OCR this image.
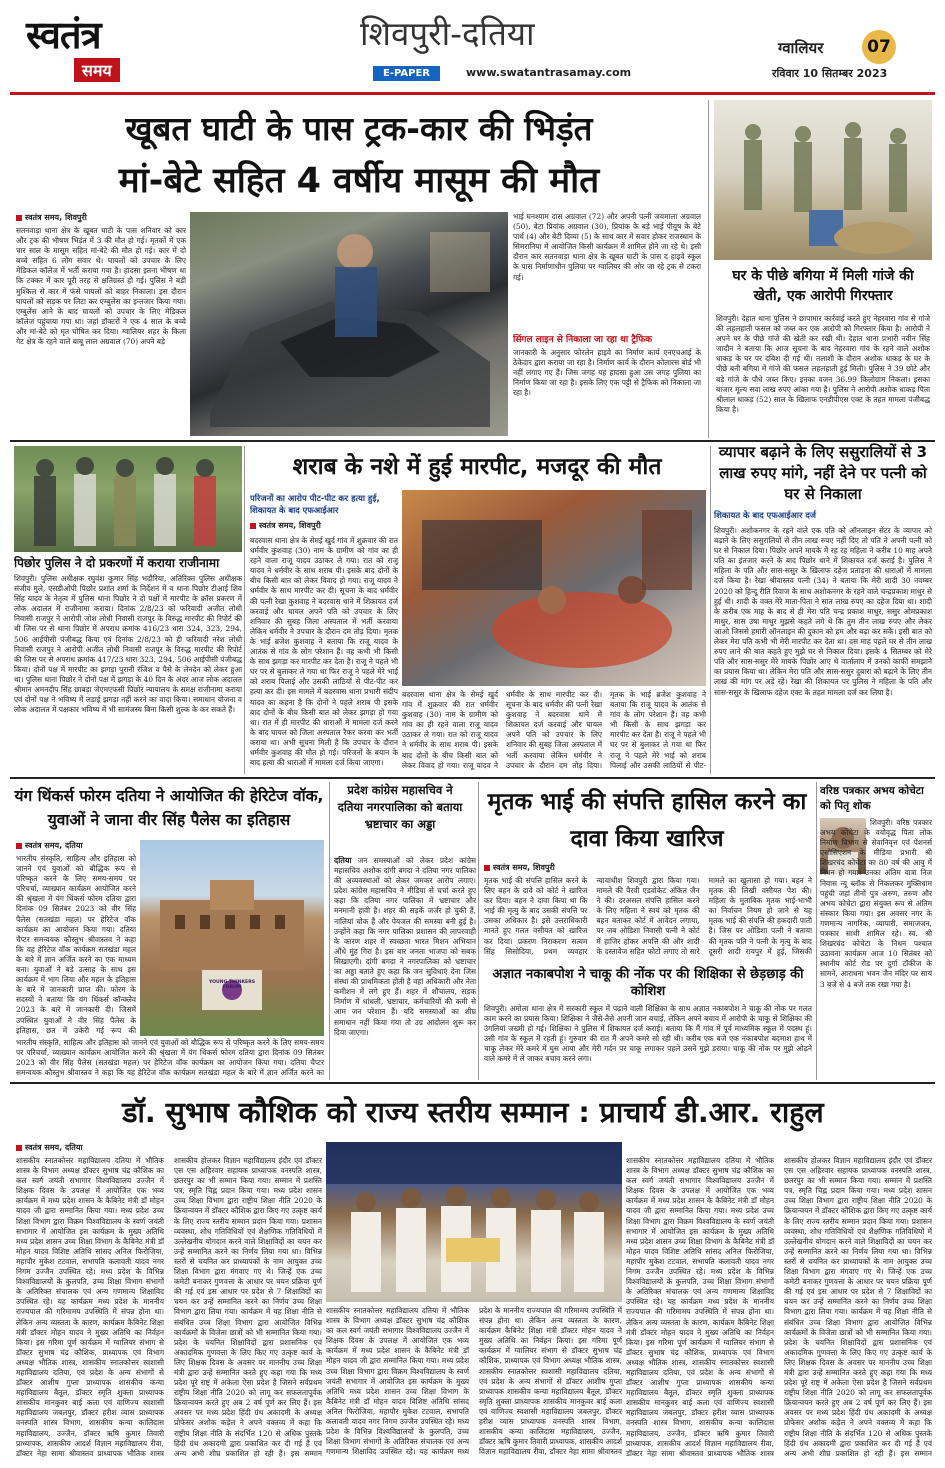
स्वतंत्र
समय
शिवपुरी-दतिया
E-PAPER	www.swatantrasamay.com
ग्वालियर	07
रविवार 10 सितम्बर 2023
खूबत घाटी के पास ट्रक-कार की भिड़ंत
मां-बेटे सहित 4 वर्षीय मासूम की मौत
स्वतंत्र समय, शिवपुरी
सतनवाड़ा थाना क्षेत्र के खूबत घाटी के पास शनिवार को कार और ट्रक की भीषण भिड़ंत में 3 की मौत हो गई। मृतकों में एक चार साल के मासूम सहित मां-बेटे की मौत हो गई। कार में दो बच्चे सहित 6 लोग सवार थे। घायलों को उपचार के लिए मेडिकल कॉलेज में भर्ती कराया गया है। हादसा इतना भीषण था कि टक्कर में कार पूरी तरह से क्षतिग्रस्त हो गई। पुलिस ने बड़ी मुश्किल से कार में फंसे घायलों को बाहर निकाला। इस दौरान घायलों को सड़क पर लिटा कर एम्बुलेंस का इन्तजार किया गया। एम्बुलेंस आने के बाद घायलों को उपचार के लिए मेडिकल कॉलेज पहुंचाया गया था। जहां डॉक्टरों ने एक 4 साल के बच्चे और मां-बेटे को मृत घोषित कर दिया। ग्वालियर शहर के किला गेट क्षेत्र के रहने वाले बाबू लाल अग्रवाल (70) अपने बड़े
भाई घनश्याम दास अग्रवाल (72) और अपनी पत्नी जयमाला अग्रवाल (50), बेटा प्रियांक अग्रवाल (30), प्रियांक के बड़े भाई पीयूष के बेटे पार्थ (4) और बेटी दिव्या (5) के साथ कार में सवार होकर राजस्थान के सिमरानिया में आयोजित किसी कार्यक्रम में शामिल होने जा रहे थे। इसी दौरान कार सतनवाड़ा थाना क्षेत्र के खूबत घाटी के पास द हाइवे स्कूल के पास निर्माणाधीन पुलिया पर ग्वालियर की ओर जा रहे ट्रक से टकरा गई।
सिंगल लाइन से निकाला जा रहा था ट्रैफिक
जानकारी के अनुसार फोरलेन हाइवे का निर्माण कार्य एनएचआई के ठेकेदार द्वारा कराया जा रहा है। निर्माण कार्य के दौरान कोलारस बोर्ड भी नहीं लगाए गए हैं। जिस जगह यह हादसा हुआ उस जगह पुलिया का निर्माण किया जा रहा है। इसके लिए एक पट्टी से ट्रैफिक को निकाला जा रहा है।
घर के पीछे बगिया में मिली गांजे की खेती, एक आरोपी गिरफ्तार
शिवपुरी। देहात थाना पुलिस ने छापामार कार्रवाई करते हुए नेहरवारा गांव से गांजे की लहलहाती फसल को जब्त कर एक आरोपी को गिरफ्तार किया है। आरोपी ने अपने घर के पीछे गांजे की खेती कर रखी थी। देहात थाना प्रभारी नवीन सिंह जादौन ने बताया कि आज सूचना के बाद नेहरवारा गांव के रहने वाले अशोक धाकड़ के घर पर दबिश दी गई थी। तलाशी के दौरान अशोक धाकड़ के घर के पीछे बनी बगिया में गांजे की फसल लहलहाती हुई मिली। पुलिस ने 39 छोटे और बड़े गांजे के पौधे जब्त किए। इनका वजन 36.99 किलोग्राम निकला। इसका बाजार मूल्य सवा लाख रुपए आंका गया है। पुलिस ने आरोपी अशोक धाकड़ पिता श्रीलाल धाकड़ (52) साल के खिलाफ एनडीपीएस एक्ट के तहत मामला पंजीबद्ध किया है।
पिछोर पुलिस ने दो प्रकरणों में कराया राजीनामा
शिवपुरी। पुलिस अधीक्षक रघुवंश कुमार सिंह भदौरिया, अतिरिक्त पुलिस अधीक्षक संजीव मुले, एसडीओपी पिछोर प्रशांत शर्मा के निर्देशन में व थाना पिछोर टीआई शिव सिंह यादव के नेतृत्व में पुलिस थाना पिछोर ने दो पक्षों में मारपीट के क्रॉस प्रकरण में लोक अदालत में राजीनामा कराया। दिनांक 2/8/23 को फरियादी अजीत लोधी निवासी राजपुर ने आरोपी जोश लोधी निवासी राजपुर के विरुद्ध मारपीट की रिपोर्ट की थी जिस पर से थाना पिछोर में अपराध क्रमांक 416/23 धारा 324, 323, 294, 506 आईपीसी पंजीबद्ध किया एवं दिनांक 2/8/23 को ही फरियादी नरेश लोधी निवासी राजपुर ने आरोपी अजीत लोधी निवासी राजपुर के विरुद्ध मारपीट की रिपोर्ट की जिस पर से अपराध क्रमांक 417/23 धारा 323, 294, 506 आईपीसी पंजीबद्ध किया। दोनों पक्ष में मारपीट का झगड़ा पुरानी रंजिश व पैसे के लेनदेन को लेकर हुआ था। पुलिस थाना पिछोर ने दोनों पक्ष में झगड़ा के 40 दिन के अंदर आज लोक अदालत श्रीमान अमनदीप सिंह छाबड़ा जेएमएफसी पिछोर न्यायालय के समक्ष राजीनामा कराया एवं दोनों पक्ष ने भविष्य में लड़ाई झगड़ा नहीं करने का वादा किया। समाधान योजना व लोक अदालत में पक्षकार भविष्य में भी सामंजस्य बिना किसी शुल्क के कर सकते हैं।
शराब के नशे में हुई मारपीट, मजदूर की मौत
परिजनों का आरोप पीट-पीट कर हत्या हुई, शिकायत के बाद एफआईआर
स्वतंत्र समय, शिवपुरी
बदरवास थाना क्षेत्र के सेमई खुर्द गांव में शुक्रवार की रात धर्मवीर कुशवाह (30) नाम के ग्रामीण को गांव का ही रहने वाला राजू यादव उठाकर ले गया। रात को राजू यादव ने धर्मवीर के साथ शराब पी। इसके बाद दोनों के बीच किसी बात को लेकर विवाद हो गया। राजू यादव ने धर्मवीर के साथ मारपीट कर दी। सूचना के बाद धर्मवीर की पत्नी रेखा कुशवाह ने बदरवास थाने में शिकायत दर्ज करवाई और घायल अपने पति को उपचार के लिए शनिवार की सुबह जिला अस्पताल में भर्ती करवाया लेकिन धर्मवीर ने उपचार के दौरान दम तोड़ दिया। मृतक के भाई ब्रजेश कुशवाह ने बताया कि राजू यादव के आतंक से गांव के लोग परेशान हैं। वह कभी भी किसी के साथ झगड़ा कर मारपीट कर देता है। राजू ने पहले भी घर पर से बुलाकर ले गया था फिर राजू ने पहले मेरे भाई को शराब पिलाई और उसकी लाठियों से पीट-पीट कर हत्या कर दी। इस मामले में बदरवास थाना प्रभारी संदीप यादव का कहना है कि दोनों ने पहले शराब पी इसके बाद दोनों के बीच किसी बात को लेकर झगड़ा हो गया था। रात में ही मारपीट की धाराओं में मामला दर्ज करने के बाद घायल को जिला अस्पताल रैफर करवा कर भर्ती कराया था। अभी सूचना मिली है कि उपचार के दौरान धर्मवीर कुशवाह की मौत हो गई। परिजनों के बयान के बाद हत्या की धाराओं में मामला दर्ज किया जाएगा।
बदरवास थाना क्षेत्र के सेमई खुर्द गांव में शुक्रवार की रात धर्मवीर कुशवाह (30) नाम के ग्रामीण को गांव का ही रहने वाला राजू यादव उठाकर ले गया। रात को राजू यादव ने धर्मवीर के साथ शराब पी। इसके बाद दोनों के बीच किसी बात को लेकर विवाद हो गया। राजू यादव ने धर्मवीर के साथ मारपीट कर दी। सूचना के बाद धर्मवीर की पत्नी रेखा कुशवाह ने बदरवास थाने में शिकायत दर्ज करवाई और घायल अपने पति को उपचार के लिए शनिवार की सुबह जिला अस्पताल में भर्ती करवाया लेकिन धर्मवीर ने उपचार के दौरान दम तोड़ दिया। मृतक के भाई ब्रजेश कुशवाह ने बताया कि राजू यादव के आतंक से गांव के लोग परेशान हैं। वह कभी भी किसी के साथ झगड़ा कर मारपीट कर देता है। राजू ने पहले भी घर पर से बुलाकर ले गया था फिर राजू ने पहले मेरे भाई को शराब पिलाई और उसकी लाठियों से पीट-
व्यापार बढ़ाने के लिए ससुरालियों से 3 लाख रुपए मांगे, नहीं देने पर पत्नी को घर से निकाला
शिकायत के बाद एफआईआर दर्ज
शिवपुरी। अशोकनगर के रहने वाले एक पति को ऑनलाइन सेंटर के व्यापार को बढ़ाने के लिए ससुरालियों से तीन लाख रुपए नहीं दिए तो पति ने अपनी पत्नी को घर से निकाल दिया। पिछोर अपने मायके में रह रह महिला ने करीब 10 माह अपने पति का इंतजार करने के बाद पिछोर थाने में शिकायत दर्ज कराई है। पुलिस ने महिला के पति और सास-ससुर के खिलाफ दहेज प्रताड़ना की धाराओं में मामला दर्ज किया है। रेखा श्रीवास्तव पत्नी (34) ने बताया कि मेरी शादी 30 नवम्बर 2020 को हिन्दू रीति रिवाज के साथ अशोकनगर के रहने वाले चन्द्रप्रकाश माथुर से हुई थी। शादी के वक्त मेरे माता-पिता ने सात लाख रुपए का दहेज दिया था। शादी के करीब एक माह के बाद से ही मेरा पति चन्द्र प्रकाश माथुर, ससुर ओमप्रकाश माथुर, सास उषा माथुर मुझसे कहते लगे थे कि तुम तीन लाख रुपए और लेकर आओ जिससे हमारी ऑनलाइन की दुकान को हम और बढ़ा कर सकें। इसी बात को लेकर मेरा पति कभी भी मेरी मारपीट कर देता था। दस माह पहले घर से तीन लाख रुपए लाने की बात कहते हुए मुझे घर से निकाल दिया। इसके 4 सितम्बर को मेरे पति और सास-ससुर मेरे मायके पिछोर आए थे वार्तालाप में उनको काफी समझाने का प्रयास किया था। लेकिन मेरा पति और सास-ससुर दुबारा को बढ़ाने के लिए तीन लाख की मांग पर अड़े रहे। रेखा की शिकायत पर पुलिस ने महिला के पति और सास-ससुर के खिलाफ दहेज एक्ट के तहत मामला दर्ज कर लिया है।
यंग थिंकर्स फोरम दतिया ने आयोजित की हेरिटेज वॉक, युवाओं ने जाना वीर सिंह पैलेस का इतिहास
स्वतंत्र समय, दतिया
YOUNG THINKERS FORUM
भारतीय संस्कृति, साहित्य और इतिहास को जानने एवं युवाओं को बौद्धिक रूप से परिष्कृत करने के लिए समय-समय पर परिचर्चा, व्याख्यान कार्यक्रम आयोजित करने की श्रृंखला में यंग थिंकर्स फोरम दतिया द्वारा दिनांक 09 सितंबर 2023 को वीर सिंह पैलेस (सतखंडा महल) पर हेरिटेज वॉक कार्यक्रम का आयोजन किया गया। दतिया चैप्टर समन्वयक कौस्तुभ श्रीवास्तव ने कहा कि यह हेरिटेज वॉक कार्यक्रम सतखंडा महल के बारे में ज्ञान अर्जित करने का एक माध्यम बना। युवाओं ने बड़े उत्साह के साथ इस कार्यक्रम में भाग लिया और महल के इतिहास के बारे में जानकारी प्राप्त की। फोरम के सदस्यों ने बताया कि यंग थिंकर्स कॉन्क्लेव 2023 के बारे में जानकारी दी। जिसमें उपस्थित युवाओं ने वीर सिंह पैलेस के इतिहास, छत में उकेरी गई रूप की
भारतीय संस्कृति, साहित्य और इतिहास को जानने एवं युवाओं को बौद्धिक रूप से परिष्कृत करने के लिए समय-समय पर परिचर्चा, व्याख्यान कार्यक्रम आयोजित करने की श्रृंखला में यंग थिंकर्स फोरम दतिया द्वारा दिनांक 09 सितंबर 2023 को वीर सिंह पैलेस (सतखंडा महल) पर हेरिटेज वॉक कार्यक्रम का आयोजन किया गया। दतिया चैप्टर समन्वयक कौस्तुभ श्रीवास्तव ने कहा कि यह हेरिटेज वॉक कार्यक्रम सतखंडा महल के बारे में ज्ञान अर्जित करने का
प्रदेश कांग्रेस महासचिव ने दतिया नगरपालिका को बताया भ्रष्टाचार का अड्डा
दतिया जन समस्याओं को लेकर प्रदेश कांग्रेस महासचिव अशोक दांगी बगदा ने दतिया नगर पालिका की अव्यवस्थाओं को लेकर जमकर आरोप लगाए। प्रदेश कांग्रेस महासचिव ने मीडिया से चर्चा करते हुए कहा कि दतिया नगर पालिका में भ्रष्टाचार और मनमानी हावी है। शहर की सड़कें जर्जर हो चुकी हैं, नालियां चोक हैं और पेयजल की समस्या बनी हुई है। उन्होंने कहा कि नगर पालिका प्रशासन की लापरवाही के कारण शहर में स्वच्छता भारत मिशन अभियान औंधे मुंह गिरा है। इस बार जनता भाजपा को सबक सिखाएगी। दांगी बगदा ने नगरपालिका को भ्रष्टाचार का अड्डा बताते हुए कहा कि जन सुविधाएं देना जिस संस्था की प्राथमिकता होती है वहां अधिकारी और नेता कमीशन में लगे हुए हैं। शहर में शौचालय, सड़क निर्माण में धांधली, भ्रष्टाचार, कर्मचारियों की कमी से आम जन परेशान हैं। यदि समस्याओं का शीघ्र समाधान नहीं किया गया तो उग्र आंदोलन शुरू कर दिया जाएगा।
मृतक भाई की संपत्ति हासिल करने का दावा किया खारिज
स्वतंत्र समय, शिवपुरी
मृतक भाई की संपत्ति हासिल करने के लिए बहन के दावे को कोर्ट ने खारिज कर दिया। बहन ने दावा किया था कि भाई की मृत्यु के बाद उसकी संपत्ति पर उसका अधिकार है। इसे उत्तराधिकारी मानते हुए गलत वसीयत को खारिज कर दिया। प्रकरण निराकरण सत्यम सिंह सिसोदिया, प्रथम व्यवहार न्यायाधीश शिवपुरी द्वारा किया गया। मामले की पैरवी एडवोकेट अंकित जैन ने की। दरअसल संपत्ति हासिल करने के लिए महिला ने स्वयं को मृतक की बहन बताकर कोर्ट में आवेदन लगाया, पर जब ओडिशा निवासी पत्नी ने कोर्ट में हाजिर होकर अपत्ति की और शादी के दस्तावेज सहित फोटो लगाए तो सारे मामले का खुलासा हो गया। बहन ने मृतक की लिखी वसीयत पेश की। महिला के मुताबिक मृतक भाई-भाभी का निर्वाचन नियम हो जाने से यह मृतक भाई की संपत्ति की हकदारी पाती है। जिस पर ओडिशा पत्नी ने बताया की मृतक पति ने पत्नी के मृत्यु के बाद दूसरी शादी रायपुर में हुई, जिसकी
अज्ञात नकाबपोश ने चाकू की नोंक पर की शिक्षिका से छेड़छाड़ की कोशिश
शिवपुरी। अमोला थाना क्षेत्र में सरकारी स्कूल में पढ़ाने वाली शिक्षिका के साथ अज्ञात नकाबपोश ने चाकू की नोंक पर गलत काम करने का प्रयास किया। शिक्षिका ने जैसे-तैसे अपनी जान बचाई, लेकिन अपने बचाव में आरोपी के चाकू से शिक्षिका की उंगलियां जख्मी हो गई। शिक्षिका ने पुलिस में शिकायत दर्ज कराई। बताया कि मैं गांव में पूर्व माध्यमिक स्कूल में पदस्थ हूं। उसी गांव के स्कूल में रहती हूं। गुरुवार की रात मैं अपने कमरे सो रही थी। करीब एक बजे एक नकाबपोश बदमाश हाथ में चाकू लेकर मेरे कमरे में घुस आया और मेरी गर्दन पर चाकू लगाकर पहले उसने मुझे डराया। चाकू की नोंक पर मुझे ओढ़ने वाले कमरे में ले जाकर बचाव करने लगा।
वरिष्ठ पत्रकार अभय कोचेटा को पितृ शोक
शिवपुरी। वरिष्ठ पत्रकार अभय कोचेटा के वयोवृद्ध पिता लोक निर्माण विभाग से सेवानिवृत्त एवं पेंशनर्स एसोसिएशन के मीडिया प्रभारी श्री शिखरचंद कोचेटा का 80 वर्ष की आयु में निधन हो गया। उनका अंतिम यात्रा निज निवास न्यू ब्लॉक से निकलकर मुक्तिधाम पहुंची जहां तीनों पुत्र अरुण, तरुण और अभय कोचेटा द्वारा संयुक्त रूप से अंतिम संस्कार किया गया। इस अवसर नगर के गणमान्य नागरिक, व्यापारी, समाजजन, पत्रकार साथी शामिल रहे। स्व. श्री शिखरचंद कोचेटा के निधन पश्चात उठावना कार्यक्रम आज 10 सितंबर को स्थानीय कोर्ट रोड पर दुर्गा टॉकीज के सामने, आराधना भवन जैन मंदिर पर सायं 3 बजे से 4 बजे तक रखा गया है।
डॉ. सुभाष कौशिक को राज्य स्तरीय सम्मान : प्राचार्य डी.आर. राहुल
स्वतंत्र समय, दतिया
शासकीय स्नातकोत्तर महाविद्यालय दतिया में भौतिक शास्त्र के विभाग अध्यक्ष डॉक्टर सुभाष चंद्र कौशिक का कल स्वर्ग जयंती सभागार विश्वविद्यालय उज्जैन में शिक्षक दिवस के उपलक्ष में आयोजित एक भव्य कार्यक्रम में मध्य प्रदेश शासन के कैबिनेट मंत्री डॉ मोहन यादव जी द्वारा सम्मानित किया गया। मध्य प्रदेश उच्च शिक्षा विभाग द्वारा विक्रम विश्वविद्यालय के स्वर्ण जयंती सभागार में आयोजित इस कार्यक्रम के मुख्य अतिथि मध्य प्रदेश शासन उच्च शिक्षा विभाग के कैबिनेट मंत्री डॉ मोहन यादव विशिष्ट अतिथि सांसद अनिल फिरोजिया, महापौर मुकेश टटवाल, सभापति कलावती यादव नगर निगम उज्जैन उपस्थित रहे। मध्य प्रदेश के विभिन्न विश्वविद्यालयों के कुलपति, उच्च शिक्षा विभाग संभागों के अतिरिक्त संचालक एवं अन्य गणमान्य शिक्षाविद उपस्थित रहे। यह कार्यक्रम मध्य प्रदेश के माननीय राज्यपाल की गरिमामय उपस्थिति में संपन्न होना था। लेकिन अन्य व्यस्तता के कारण, कार्यक्रम कैबिनेट शिक्षा मंत्री डॉक्टर मोहन यादव ने मुख्य अतिथि का निर्वहन किया। इस गरिमा पूर्ण कार्यक्रम में ग्वालियर संभाग से डॉक्टर सुभाष चंद्र कौशिक, प्राध्यापक एवं विभाग अध्यक्ष भौतिक शास्त्र, शासकीय स्नातकोत्तर स्वशासी महाविद्यालय दतिया, एवं प्रदेश के अन्य संभागों से डॉक्टर आशीष गुप्ता प्राध्यापक शासकीय कन्या महाविद्यालय बैतूल, डॉक्टर स्मृति शुक्ला प्राध्यापक शासकीय मानकुवर बाई कला एवं वाणिज्य स्वशासी महाविद्यालय जबलपुर, डॉक्टर हरीश व्यास प्राध्यापक वनस्पति शास्त्र विभाग, शासकीय कन्या कालिदास महाविद्यालय, उज्जैन, डॉक्टर ऋषि कुमार तिवारी प्राध्यापक, शासकीय आदर्श विज्ञान महाविद्यालय रीवा, डॉक्टर नेहा सामा श्रीवास्तव प्राध्यापक भौतिक शास्त्र शासकीय होलकर विज्ञान महाविद्यालय इंदौर एवं डॉक्टर एस एस अहिरवार सहायक प्राध्यापक वनस्पति शास्त्र, छतरपुर का भी सम्मान किया गया। सम्मान में प्रशस्ति पत्र, स्मृति चिह्न प्रदान किया गया। मध्य प्रदेश शासन उच्च शिक्षा विभाग द्वारा राष्ट्रीय शिक्षा नीति 2020 के क्रियान्वयन में डॉक्टर कौशिक द्वारा किए गए उत्कृष्ट कार्य के लिए राज्य स्तरीय सम्मान प्रदान किया गया। प्रशासन व्यवस्था, शोध गतिविधियों एवं शैक्षणिक गतिविधियों में उल्लेखनीय योगदान करने वाले शिक्षाविदों का चयन कर उन्हें सम्मानित करने का निर्णय लिया गया था। विभिन्न स्तरों से चयनित कर प्राध्यापकों के नाम आयुक्त उच्च शिक्षा विभाग द्वारा मंगवाए गए थे। जिन्हें एक उच्च कमेटी बनाकर गुणवत्ता के आधार पर चयन प्रक्रिया पूर्ण की गई एवं इस आधार पर प्रदेश से 7 शिक्षाविदों का चयन कर उन्हें सम्मानित करने का निर्णय उच्च शिक्षा विभाग द्वारा लिया गया। कार्यक्रम में यह शिक्षा नीति से संबंधित उच्च शिक्षा विभाग द्वारा आयोजित विभिन्न कार्यक्रमों के विजेता छात्रों को भी सम्मानित किया गया। प्रदेश के चयनित शिक्षाविदों द्वारा प्रशासनिक एवं अकादमिक गुणवत्ता के लिए किए गए उत्कृष्ट कार्य के लिए शिक्षक दिवस के अवसर पर माननीय उच्च शिक्षा मंत्री द्वारा उन्हें सम्मानित करते हुए कहा गया कि मध्य प्रदेश पूरे राष्ट्र में अकेला ऐसा प्रदेश है जिसने सर्वप्रथम राष्ट्रीय शिक्षा नीति 2020 को लागू कर सफलतापूर्वक क्रियान्वयन करते हुए अब 2 वर्ष पूर्ण कर लिए हैं। इस अवसर पर मध्य प्रदेश हिंदी ग्रंथ अकादमी के अध्यक्ष प्रोफेसर अशोक कड़ेल ने अपने वक्तव्य में कहा कि राष्ट्रीय शिक्षा नीति के संदर्भित 120 से अधिक पुस्तकें हिंदी ग्रंथ अकादमी द्वारा प्रकाशित कर दी गई हैं एवं अन्य अभी शीघ्र प्रकाशित हो रही हैं। इस सम्मान
शासकीय स्नातकोत्तर महाविद्यालय दतिया में भौतिक शास्त्र के विभाग अध्यक्ष डॉक्टर सुभाष चंद्र कौशिक का कल स्वर्ग जयंती सभागार विश्वविद्यालय उज्जैन में शिक्षक दिवस के उपलक्ष में आयोजित एक भव्य कार्यक्रम में मध्य प्रदेश शासन के कैबिनेट मंत्री डॉ मोहन यादव जी द्वारा सम्मानित किया गया। मध्य प्रदेश उच्च शिक्षा विभाग द्वारा विक्रम विश्वविद्यालय के स्वर्ण जयंती सभागार में आयोजित इस कार्यक्रम के मुख्य अतिथि मध्य प्रदेश शासन उच्च शिक्षा विभाग के कैबिनेट मंत्री डॉ मोहन यादव विशिष्ट अतिथि सांसद अनिल फिरोजिया, महापौर मुकेश टटवाल, सभापति कलावती यादव नगर निगम उज्जैन उपस्थित रहे। मध्य प्रदेश के विभिन्न विश्वविद्यालयों के कुलपति, उच्च शिक्षा विभाग संभागों के अतिरिक्त संचालक एवं अन्य गणमान्य शिक्षाविद उपस्थित रहे। यह कार्यक्रम मध्य प्रदेश के माननीय राज्यपाल की गरिमामय उपस्थिति में संपन्न होना था। लेकिन अन्य व्यस्तता के कारण, कार्यक्रम कैबिनेट शिक्षा मंत्री डॉक्टर मोहन यादव ने मुख्य अतिथि का निर्वहन किया। इस गरिमा पूर्ण कार्यक्रम में ग्वालियर संभाग से डॉक्टर सुभाष चंद्र कौशिक, प्राध्यापक एवं विभाग अध्यक्ष भौतिक शास्त्र, शासकीय स्नातकोत्तर स्वशासी महाविद्यालय दतिया, एवं प्रदेश के अन्य संभागों से डॉक्टर आशीष गुप्ता प्राध्यापक शासकीय कन्या महाविद्यालय बैतूल, डॉक्टर स्मृति शुक्ला प्राध्यापक शासकीय मानकुवर बाई कला एवं वाणिज्य स्वशासी महाविद्यालय जबलपुर, डॉक्टर हरीश व्यास प्राध्यापक वनस्पति शास्त्र विभाग, शासकीय कन्या कालिदास महाविद्यालय, उज्जैन, डॉक्टर ऋषि कुमार तिवारी प्राध्यापक, शासकीय आदर्श विज्ञान महाविद्यालय रीवा, डॉक्टर नेहा सामा श्रीवास्तव
शासकीय स्नातकोत्तर महाविद्यालय दतिया में भौतिक शास्त्र के विभाग अध्यक्ष डॉक्टर सुभाष चंद्र कौशिक का कल स्वर्ग जयंती सभागार विश्वविद्यालय उज्जैन में शिक्षक दिवस के उपलक्ष में आयोजित एक भव्य कार्यक्रम में मध्य प्रदेश शासन के कैबिनेट मंत्री डॉ मोहन यादव जी द्वारा सम्मानित किया गया। मध्य प्रदेश उच्च शिक्षा विभाग द्वारा विक्रम विश्वविद्यालय के स्वर्ण जयंती सभागार में आयोजित इस कार्यक्रम के मुख्य अतिथि मध्य प्रदेश शासन उच्च शिक्षा विभाग के कैबिनेट मंत्री डॉ मोहन यादव विशिष्ट अतिथि सांसद अनिल फिरोजिया, महापौर मुकेश टटवाल, सभापति कलावती यादव नगर निगम उज्जैन उपस्थित रहे। मध्य प्रदेश के विभिन्न विश्वविद्यालयों के कुलपति, उच्च शिक्षा विभाग संभागों के अतिरिक्त संचालक एवं अन्य गणमान्य शिक्षाविद उपस्थित रहे। यह कार्यक्रम मध्य प्रदेश के माननीय राज्यपाल की गरिमामय उपस्थिति में संपन्न होना था। लेकिन अन्य व्यस्तता के कारण, कार्यक्रम कैबिनेट शिक्षा मंत्री डॉक्टर मोहन यादव ने मुख्य अतिथि का निर्वहन किया। इस गरिमा पूर्ण कार्यक्रम में ग्वालियर संभाग से डॉक्टर सुभाष चंद्र कौशिक, प्राध्यापक एवं विभाग अध्यक्ष भौतिक शास्त्र, शासकीय स्नातकोत्तर स्वशासी महाविद्यालय दतिया, एवं प्रदेश के अन्य संभागों से डॉक्टर आशीष गुप्ता प्राध्यापक शासकीय कन्या महाविद्यालय बैतूल, डॉक्टर स्मृति शुक्ला प्राध्यापक शासकीय मानकुवर बाई कला एवं वाणिज्य स्वशासी महाविद्यालय जबलपुर, डॉक्टर हरीश व्यास प्राध्यापक वनस्पति शास्त्र विभाग, शासकीय कन्या कालिदास महाविद्यालय, उज्जैन, डॉक्टर ऋषि कुमार तिवारी प्राध्यापक, शासकीय आदर्श विज्ञान महाविद्यालय रीवा, डॉक्टर नेहा सामा श्रीवास्तव प्राध्यापक भौतिक शास्त्र शासकीय होलकर विज्ञान महाविद्यालय इंदौर एवं डॉक्टर एस एस अहिरवार सहायक प्राध्यापक वनस्पति शास्त्र, छतरपुर का भी सम्मान किया गया। सम्मान में प्रशस्ति पत्र, स्मृति चिह्न प्रदान किया गया। मध्य प्रदेश शासन उच्च शिक्षा विभाग द्वारा राष्ट्रीय शिक्षा नीति 2020 के क्रियान्वयन में डॉक्टर कौशिक द्वारा किए गए उत्कृष्ट कार्य के लिए राज्य स्तरीय सम्मान प्रदान किया गया। प्रशासन व्यवस्था, शोध गतिविधियों एवं शैक्षणिक गतिविधियों में उल्लेखनीय योगदान करने वाले शिक्षाविदों का चयन कर उन्हें सम्मानित करने का निर्णय लिया गया था। विभिन्न स्तरों से चयनित कर प्राध्यापकों के नाम आयुक्त उच्च शिक्षा विभाग द्वारा मंगवाए गए थे। जिन्हें एक उच्च कमेटी बनाकर गुणवत्ता के आधार पर चयन प्रक्रिया पूर्ण की गई एवं इस आधार पर प्रदेश से 7 शिक्षाविदों का चयन कर उन्हें सम्मानित करने का निर्णय उच्च शिक्षा विभाग द्वारा लिया गया। कार्यक्रम में यह शिक्षा नीति से संबंधित उच्च शिक्षा विभाग द्वारा आयोजित विभिन्न कार्यक्रमों के विजेता छात्रों को भी सम्मानित किया गया। प्रदेश के चयनित शिक्षाविदों द्वारा प्रशासनिक एवं अकादमिक गुणवत्ता के लिए किए गए उत्कृष्ट कार्य के लिए शिक्षक दिवस के अवसर पर माननीय उच्च शिक्षा मंत्री द्वारा उन्हें सम्मानित करते हुए कहा गया कि मध्य प्रदेश पूरे राष्ट्र में अकेला ऐसा प्रदेश है जिसने सर्वप्रथम राष्ट्रीय शिक्षा नीति 2020 को लागू कर सफलतापूर्वक क्रियान्वयन करते हुए अब 2 वर्ष पूर्ण कर लिए हैं। इस अवसर पर मध्य प्रदेश हिंदी ग्रंथ अकादमी के अध्यक्ष प्रोफेसर अशोक कड़ेल ने अपने वक्तव्य में कहा कि राष्ट्रीय शिक्षा नीति के संदर्भित 120 से अधिक पुस्तकें हिंदी ग्रंथ अकादमी द्वारा प्रकाशित कर दी गई हैं एवं अन्य अभी शीघ्र प्रकाशित हो रही हैं। इस सम्मान
